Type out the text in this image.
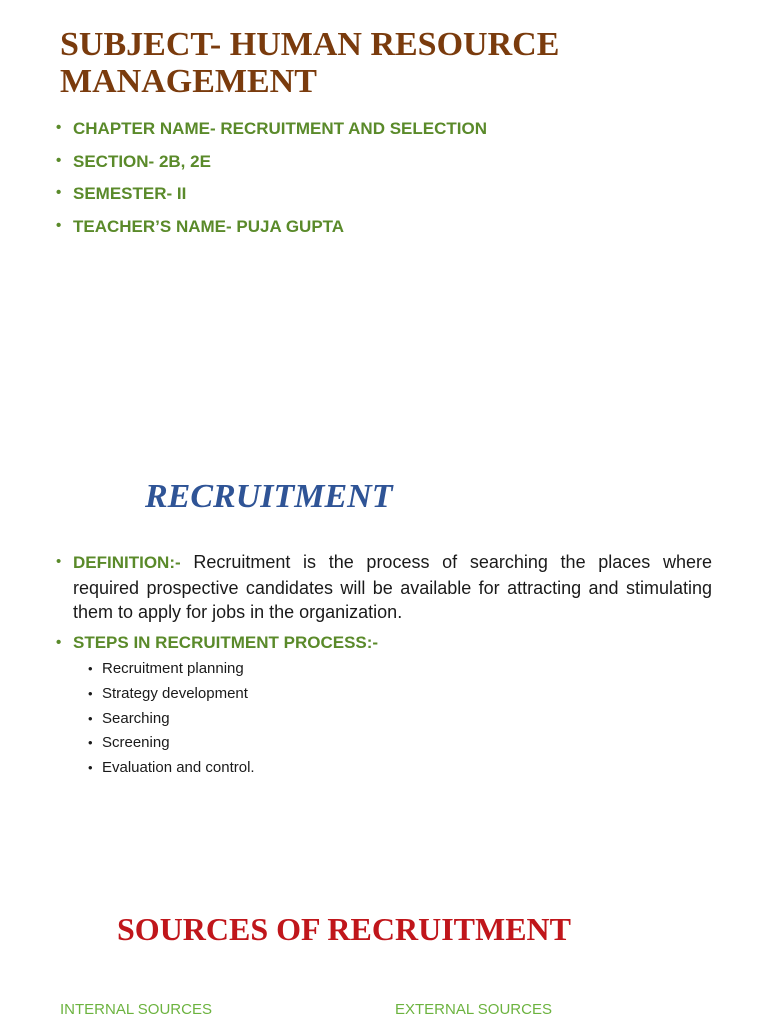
SUBJECT- HUMAN RESOURCE MANAGEMENT
• CHAPTER NAME- RECRUITMENT AND SELECTION
• SECTION- 2B, 2E
• SEMESTER- II
• TEACHER’S NAME- PUJA GUPTA
RECRUITMENT
• DEFINITION:- Recruitment is the process of searching the places where required prospective candidates will be available for attracting and stimulating them to apply for jobs in the organization.
• STEPS IN RECRUITMENT PROCESS:-
• Recruitment planning
• Strategy development
• Searching
• Screening
• Evaluation and control.
SOURCES OF RECRUITMENT
INTERNAL SOURCES	EXTERNAL SOURCES
